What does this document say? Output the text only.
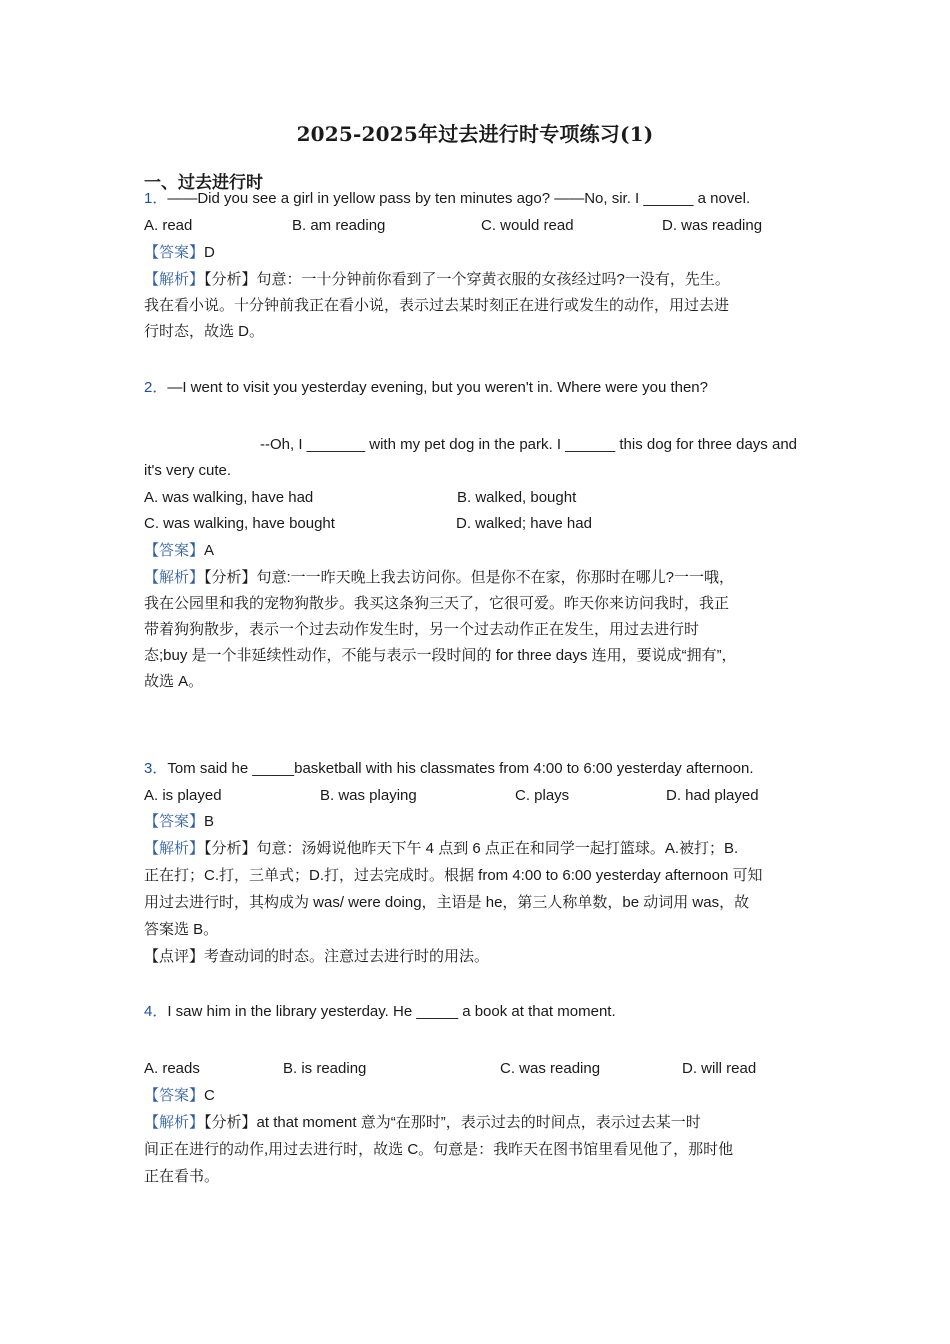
2025-2025年过去进行时专项练习(1)
一、过去进行时
1．——Did you see a girl in yellow pass by ten minutes ago? ——No, sir. I ______ a novel.
A. read	B. am reading	C. would read	D. was reading
【答案】D
【解析】【分析】句意：一十分钟前你看到了一个穿黄衣服的女孩经过吗?一没有，先生。
我在看小说。十分钟前我正在看小说，表示过去某时刻正在进行或发生的动作，用过去进
行时态，故选 D。
2．—I went to visit you yesterday evening, but you weren't in. Where were you then?
--Oh, I _______ with my pet dog in the park. I ______ this dog for three days and
it's very cute.
A. was walking, have had	B. walked, bought
C. was walking, have bought	D. walked; have had
【答案】A
【解析】【分析】句意:一一昨天晚上我去访问你。但是你不在家，你那时在哪儿?一一哦，
我在公园里和我的宠物狗散步。我买这条狗三天了，它很可爱。昨天你来访问我时，我正
带着狗狗散步，表示一个过去动作发生时，另一个过去动作正在发生，用过去进行时
态;buy 是一个非延续性动作，不能与表示一段时间的 for three days 连用，要说成“拥有”，
故选 A。
3．Tom said he _____basketball with his classmates from 4:00 to 6:00 yesterday afternoon.
A. is played	B. was playing	C. plays	D. had played
【答案】B
【解析】【分析】句意：汤姆说他昨天下午 4 点到 6 点正在和同学一起打篮球。A.被打；B.
正在打；C.打，三单式；D.打，过去完成时。根据 from 4:00 to 6:00 yesterday afternoon 可知
用过去进行时，其构成为 was/ were doing，主语是 he，第三人称单数，be 动词用 was，故
答案选 B。
【点评】考查动词的时态。注意过去进行时的用法。
4．I saw him in the library yesterday. He _____ a book at that moment.
A. reads	B. is reading	C. was reading	D. will read
【答案】C
【解析】【分析】at that moment 意为“在那时”，表示过去的时间点，表示过去某一时
间正在进行的动作,用过去进行时，故选 C。句意是：我昨天在图书馆里看见他了，那时他
正在看书。
